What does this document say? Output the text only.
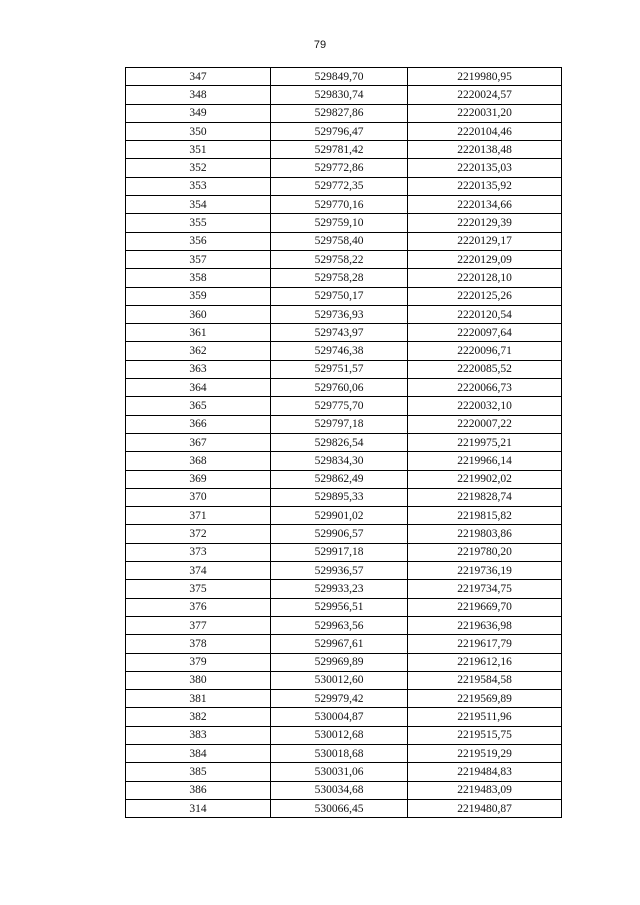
79
347	529849,70	2219980,95
348	529830,74	2220024,57
349	529827,86	2220031,20
350	529796,47	2220104,46
351	529781,42	2220138,48
352	529772,86	2220135,03
353	529772,35	2220135,92
354	529770,16	2220134,66
355	529759,10	2220129,39
356	529758,40	2220129,17
357	529758,22	2220129,09
358	529758,28	2220128,10
359	529750,17	2220125,26
360	529736,93	2220120,54
361	529743,97	2220097,64
362	529746,38	2220096,71
363	529751,57	2220085,52
364	529760,06	2220066,73
365	529775,70	2220032,10
366	529797,18	2220007,22
367	529826,54	2219975,21
368	529834,30	2219966,14
369	529862,49	2219902,02
370	529895,33	2219828,74
371	529901,02	2219815,82
372	529906,57	2219803,86
373	529917,18	2219780,20
374	529936,57	2219736,19
375	529933,23	2219734,75
376	529956,51	2219669,70
377	529963,56	2219636,98
378	529967,61	2219617,79
379	529969,89	2219612,16
380	530012,60	2219584,58
381	529979,42	2219569,89
382	530004,87	2219511,96
383	530012,68	2219515,75
384	530018,68	2219519,29
385	530031,06	2219484,83
386	530034,68	2219483,09
314	530066,45	2219480,87
